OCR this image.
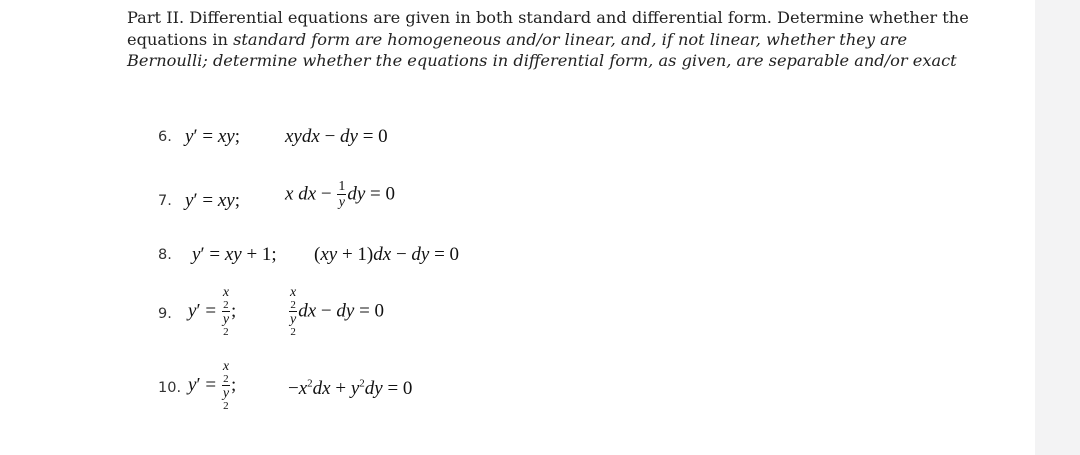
Part II. Differential equations are given in both standard and differential form. Determine whether the equations in standard form are homogeneous and/or linear, and, if not linear, whether they are Bernoulli; determine whether the equations in differential form, as given, are separable and/or exact
6. y′ = xy; xydx − dy = 0
7. y′ = xy; x dx − $\frac{1}{y}$ dy = 0
8. y′ = xy + 1; (xy + 1)dx − dy = 0
9. y′ = x
2
y
2 ;	x
2
y
2 dx − dy = 0
10. y′ = x
2
y
2 ;	$-x^2dx + y^2dy = 0$
